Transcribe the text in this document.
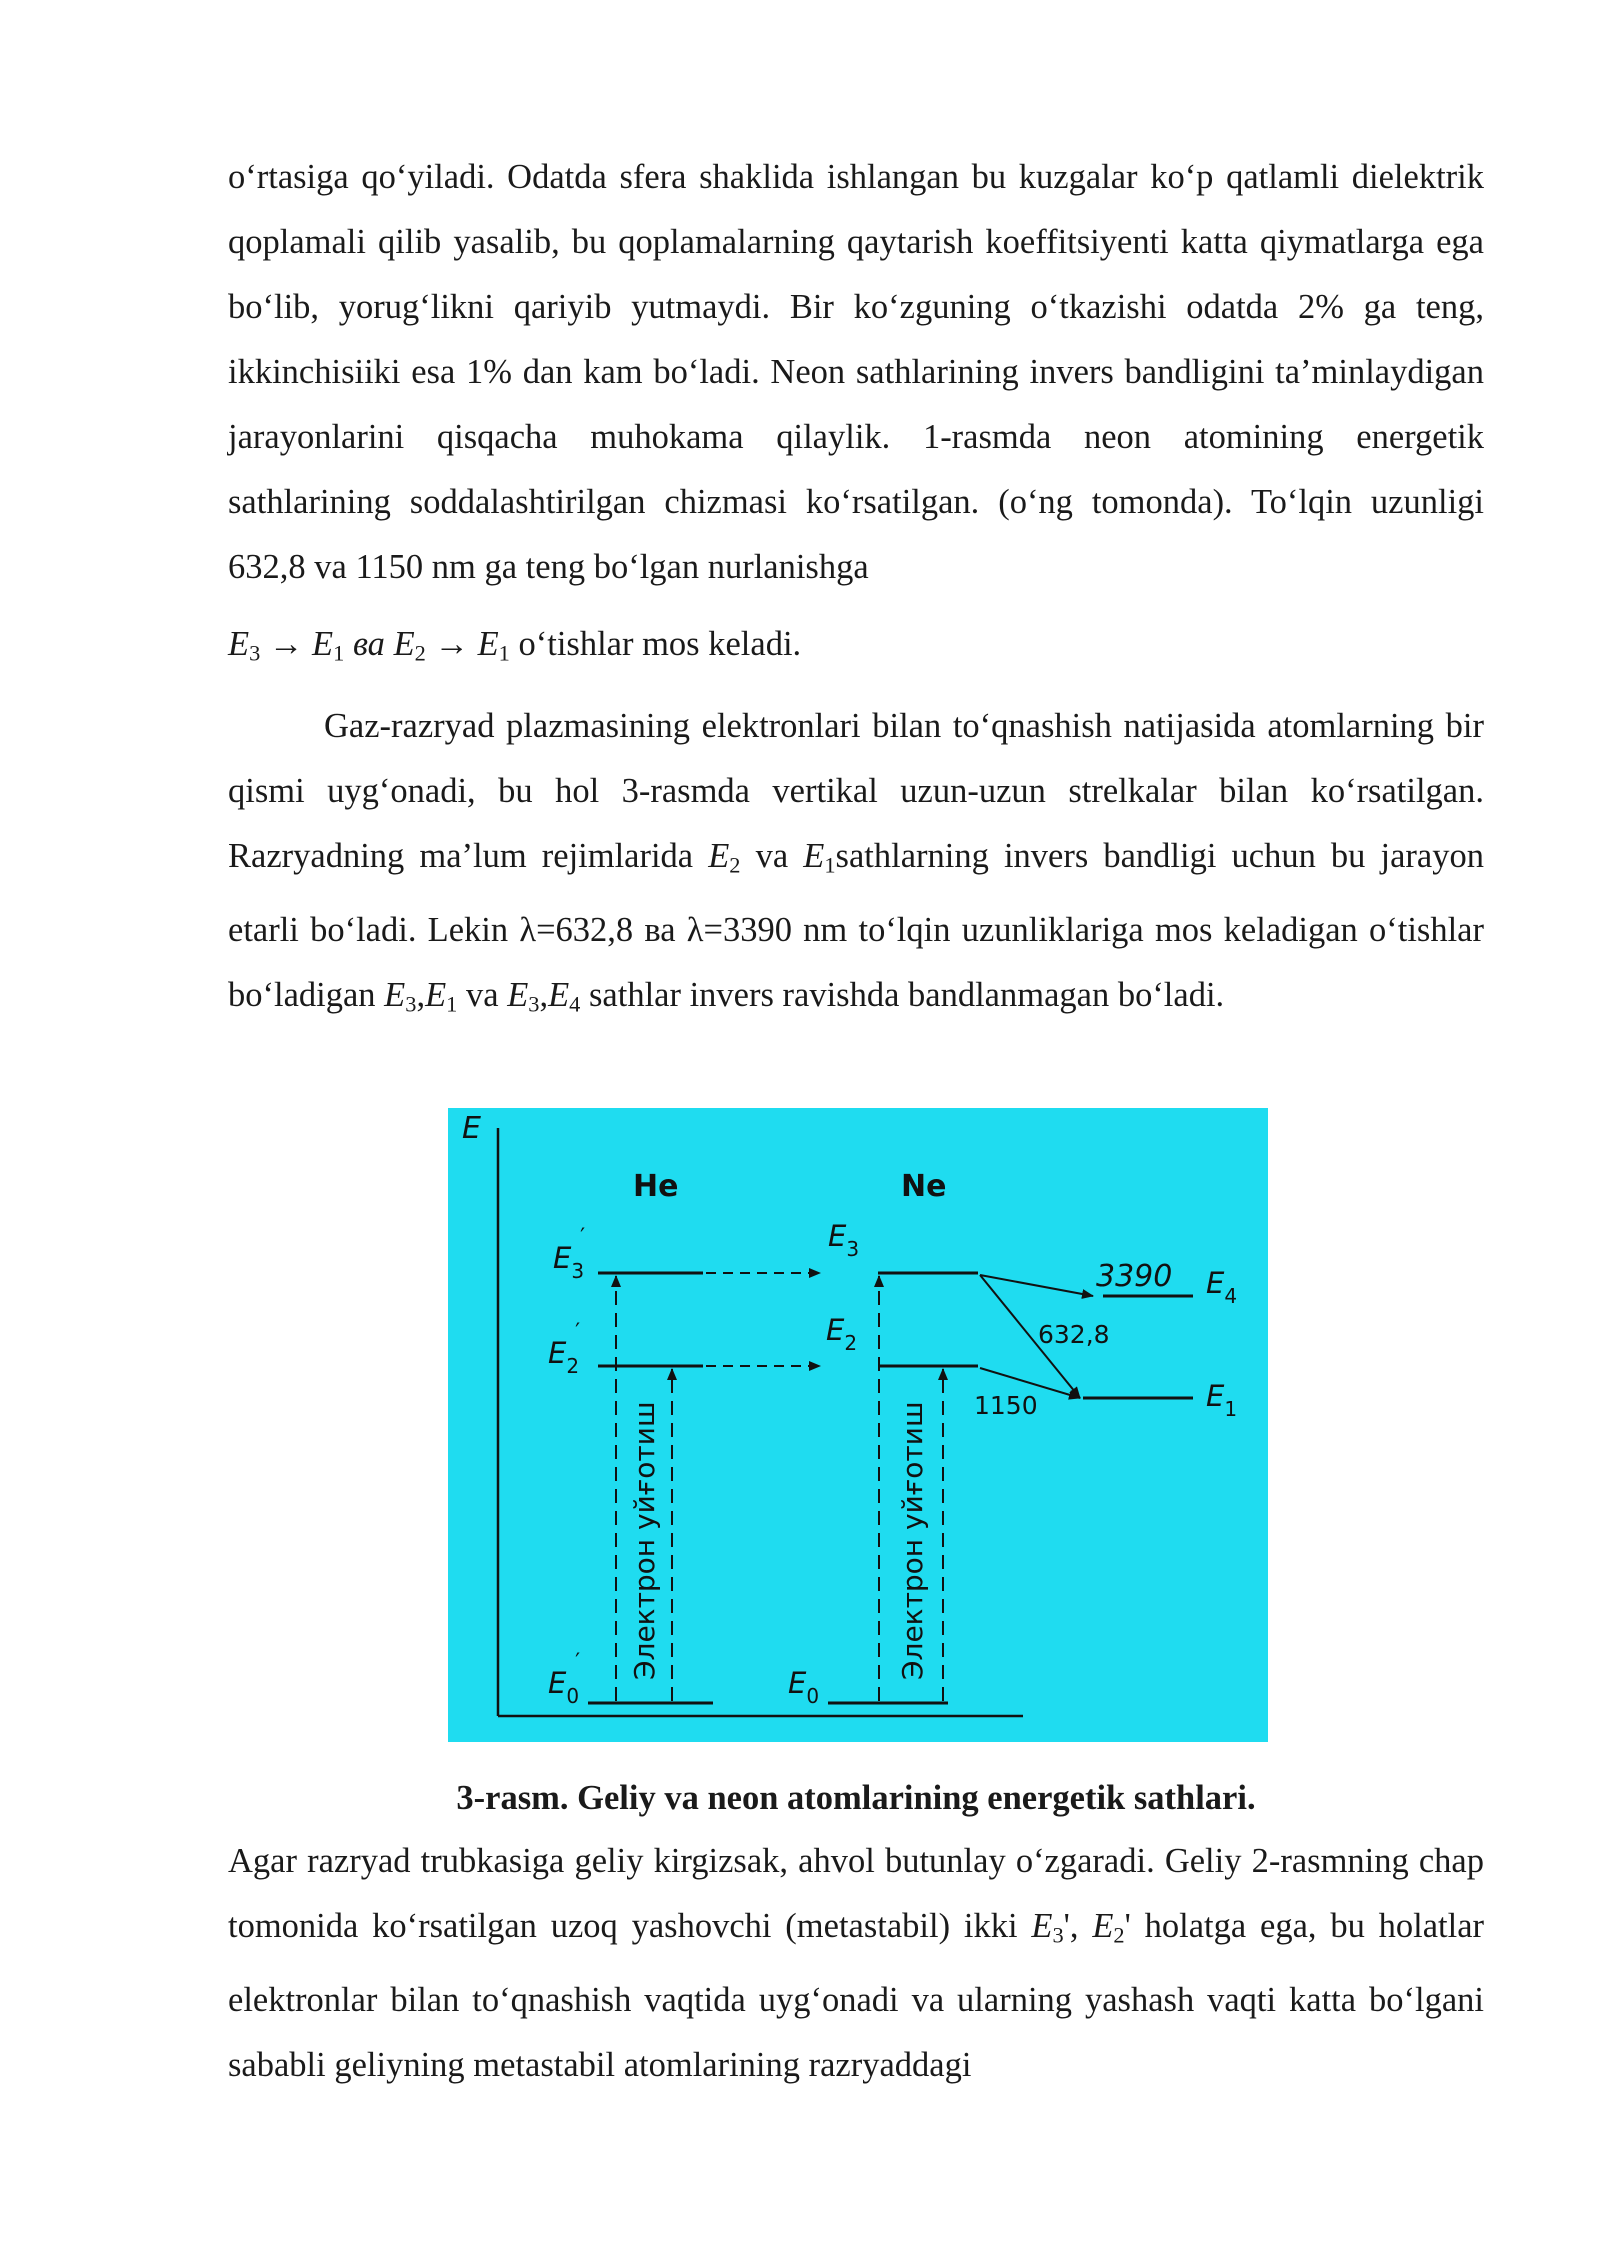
o‘rtasiga qo‘yiladi. Odatda sfera shaklida ishlangan bu kuzgalar ko‘p qatlamli dielektrik qoplamali qilib yasalib, bu qoplamalarning qaytarish koeffitsiyenti katta qiymatlarga ega bo‘lib, yorug‘likni qariyib yutmaydi. Bir ko‘zguning o‘tkazishi odatda 2% ga teng, ikkinchisiiki esa 1% dan kam bo‘ladi. Neon sathlarining invers bandligini ta’minlaydigan jarayonlarini qisqacha muhokama qilaylik. 1-rasmda neon atomining energetik sathlarining soddalashtirilgan chizmasi ko‘rsatilgan. (o‘ng tomonda). To‘lqin uzunligi 632,8 va 1150 nm ga teng bo‘lgan nurlanishga

$E_3 \to E_1$ ва $E_2 \to E_1$ o‘tishlar mos keladi.

Gaz-razryad plazmasining elektronlari bilan to‘qnashish natijasida atomlarning bir qismi uyg‘onadi, bu hol 3-rasmda vertikal uzun-uzun strelkalar bilan ko‘rsatilgan. Razryadning ma’lum rejimlarida $E_2$ va $E_1sathlarning$ invers bandligi uchun bu jarayon etarli bo‘ladi. Lekin λ=632,8 ва λ=3390 nm to‘lqin uzunliklariga mos keladigan o‘tishlar bo‘ladigan $E_3,E_1$ va $E_3,E_4$ sathlar invers ravishda bandlanmagan bo‘ladi.

E
He	Ne
3390
632,8
1150
$E_3'$
$E_2'$
$E_0'$
$E_3$
$E_2$
$E_0$
$E_4$
$E_1$
Электрон уйғотиш	Электрон уйғотиш

3-rasm. Geliy va neon atomlarining energetik sathlari.

Agar razryad trubkasiga geliy kirgizsak, ahvol butunlay o‘zgaradi. Geliy 2-rasmning chap tomonida ko‘rsatilgan uzoq yashovchi (metastabil) ikki $E_3'$, $E_2'$ holatga ega, bu holatlar elektronlar bilan to‘qnashish vaqtida uyg‘onadi va ularning yashash vaqti katta bo‘lgani sababli geliyning metastabil atomlarining razryaddagi
